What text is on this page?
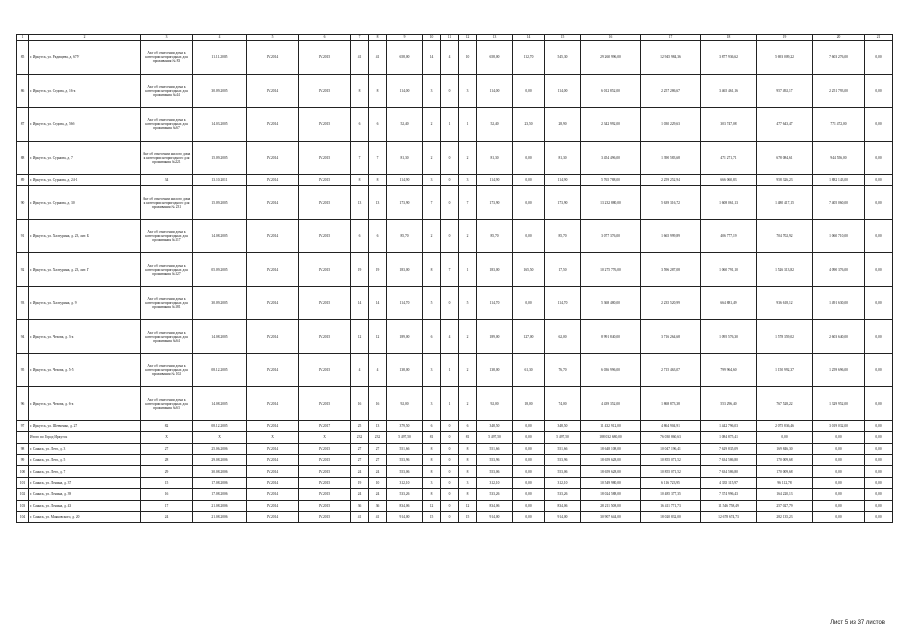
1	2	3	4	5	6	7	8	9	10	11	12	13	14	15	16	17	18	19	20	21
85	г. Иркутск, ул. Радищева, д. 67У	Акт об отнесении дома к категории непригодных для проживания № 83	11.11.2005	IV.2014	IV.2015	41	41	658,00	14	4	10	658,00	112,70	545,30	29 260 996,00	12 945 984,36	3 877 936,62	5 693 009,22	7 603 276,00	0,00
86	г. Иркутск, ул. Седова, д. 16-а	Акт об отнесении дома к категории непригодных для проживания №44	30.09.2005	IV.2014	IV.2015	8	8	114,00	3	0	3	114,00	0,00	114,00	6 012 852,00	2 257 286,67	3 465 461,16	957 492,17	2 251 793,00	0,00
87	г. Иркутск, ул. Седова, д. 56б	Акт об отнесении дома к категории непригодных для проживания №67	14.03.2005	IV.2014	IV.2015	6	6	52,40	2	1	1	52,40	23,50	28,90	2 342 992,00	1 030 229,63	303 747,08	477 643,47	771 472,00	0,00
88	г. Иркутск, ул. Сурнова, д. 7	Акт об отнесении жилого дома к категории непригодного для проживания №221	15.09.2005	IV.2014	IV.2015	7	7	81,30	2	0	2	81,30	0,00	81,30	3 454 496,00	1 390 583,68	471 271,71	678 084,61	944 556,00	0,00
89	г. Иркутск, ул. Сурнова, д. 24-1	34	13.10.2011	IV.2014	IV.2015	8	8	114,90	3	0	3	114,90	0,00	114,90	5 765 788,00	2 259 252,94	666 060,83	958 326,23	1 882 143,00	0,00
90	г. Иркутск, ул. Сурнова, д. 30	Акт об отнесении жилого дома к категории непригодного для проживания № 231	15.09.2005	IV.2014	IV.2015	13	13	173,90	7	0	7	173,90	0,00	173,90	13 232 880,00	5 639 316,72	1 608 061,13	1 480 417,15	7 405 060,00	0,00
91	г. Иркутск, ул. Халтурина, д. 23, лит. Б	Акт об отнесении дома к категории непригодных для проживания №117	14.08.2005	IV.2014	IV.2015	6	6	85,70	2	0	2	85,70	0,00	85,70	3 077 376,00	1 665 999,89	406 777,19	704 702,92	1 060 710,00	0,00
92	г. Иркутск, ул. Халтурина, д. 23, лит. Г	Акт об отнесении дома к категории непригодных для проживания №127	05.09.2005	IV.2014	IV.2015	19	19	183,00	8	7	1	183,00	165,50	17,50	10 275 776,00	3 596 287,08	1 060 791,10	1 526 313,82	4 090 376,00	0,00
93	г. Иркутск, ул. Халтурина, д. 9	Акт об отнесении дома к категории непригодных для проживания №181	30.09.2005	IV.2014	IV.2015	14	14	114,70	5	0	5	114,70	0,00	114,70	5 368 480,00	2 235 520,99	664 881,49	936 618,12	1 491 630,00	0,00
94	г. Иркутск, ул. Чехова, д. 3-а	Акт об отнесении дома к категории непригодных для проживания №64	14.08.2005	IV.2014	IV.2015	12	12	189,00	6	4	2	189,00	127,00	62,00	8 991 840,00	3 716 264,68	1 095 576,30	1 578 359,02	2 603 640,00	0,00
95	г. Иркутск, ул. Чехова, д. 5-5	Акт об отнесении дома к категории непригодных для проживания № 102	08.12.2005	IV.2014	IV.2015	4	4	138,00	3	1	2	138,00	61,30	76,70	6 036 996,00	2 715 463,07	799 964,60	1 150 992,37	1 259 696,00	0,00
96	г. Иркутск, ул. Чехова, д. 6-а	Акт об отнесении дома к категории непригодных для проживания №63	14.08.2005	IV.2014	IV.2015	16	16	92,00	3	1	2	92,00	18,00	74,00	4 439 352,00	1 868 873,38	553 296,40	767 528,22	1 329 952,00	0,00
97	г. Иркутск, ул. Шевченко, д. 27	82	08.12.2005	IV.2014	IV.2017	25	13	379,50	6	0	6	348,50	0,00	348,50	11 432 912,00	4 864 904,91	1 442 796,03	2 075 836,46	3 019 032,00	0,00
	Итого по Город Иркутск	X	X	X	X	232	232	5 497,50	81	0	81	5 497,50	0,00	5 497,50	188 032 680,00	76 030 860,63	1 084 875,41	0,00	0,00	0,00
98	г. Саянск, ул. Лето, д. 3	27	25.06.2006	IV.2014	IV.2015	27	27	551,66	8	0	8	551,66	0,00	551,66	18 648 108,00	10 047 196,41	7 629 835,09	169 846,30	0,00	0,00
99	г. Саянск, ул. Лето, д. 5	28	29.08.2006	IV.2014	IV.2015	27	27	553,96	8	0	8	553,96	0,00	553,96	18 659 628,00	10 855 071,52	7 634 586,80	170 009,68	0,00	0,00
100	г. Саянск, ул. Лето, д. 7	29	30.08.2006	IV.2014	IV.2015	24	24	553,06	8	0	8	553,06	0,00	553,06	18 659 628,00	10 855 071,52	7 634 586,80	170 009,68	0,00	0,00
101	г. Саянск, ул. Ленина, д. 37	15	17.08.2006	IV.2014	IV.2015	19	10	312,10	3	0	3	312,10	0,00	312,10	10 549 980,00	6 116 723,95	4 335 115,97	96 112,78	0,00	0,00
102	г. Саянск, ул. Ленина, д. 39	16	17.08.2006	IV.2014	IV.2015	24	24	533,26	8	0	8	533,26	0,00	533,26	18 024 588,00	10 485 377,35	7 374 996,43	164 220,13	0,00	0,00
103	г. Саянск, ул. Ленина, д. 43	17	21.08.2006	IV.2014	IV.2015	36	36	834,06	12	0	12	834,06	0,00	834,06	28 211 508,00	16 411 771,73	11 546 758,49	257 027,79	0,00	0,00
104	г. Саянск, ул. Маяковского, д. 20	24	21.08.2006	IV.2014	IV.2015	41	41	914,00	15	0	15	914,00	0,00	914,00	30 907 644,00	18 020 832,00	12 678 674,73	282 135,23	0,00	0,00
Лист 5 из 37 листов
